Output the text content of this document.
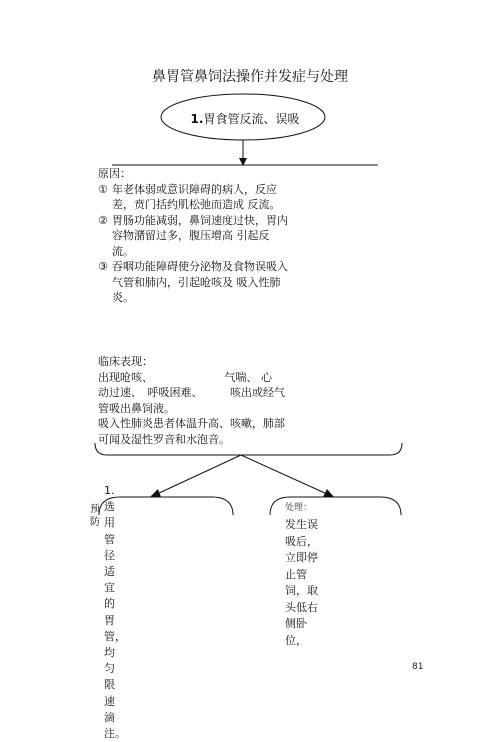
鼻胃管鼻饲法操作并发症与处理
1.胃食管反流、误吸
原因：
① 年老体弱或意识障碍的病人，反应差，贲门括约肌松弛而造成 反流。
② 胃肠功能减弱，鼻饲速度过快，胃内容物潴留过多，腹压增高 引起反流。
③ 吞咽功能障碍使分泌物及食物误吸入气管和肺内，引起呛咳及 吸入性肺炎。
临床表现：
出现呛咳、　　　　　　　气喘、 心
动过速、　呼吸困难、　　　咳出或经气
管吸出鼻饲液。
吸入性肺炎患者体温升高、咳嗽，肺部
可闻及湿性罗音和水泡音。
预防
1.选用管径适宜的胃管，均匀限速滴注。
处理：
发生误吸后，立即停止管饲，取头低右侧卧位，
81
